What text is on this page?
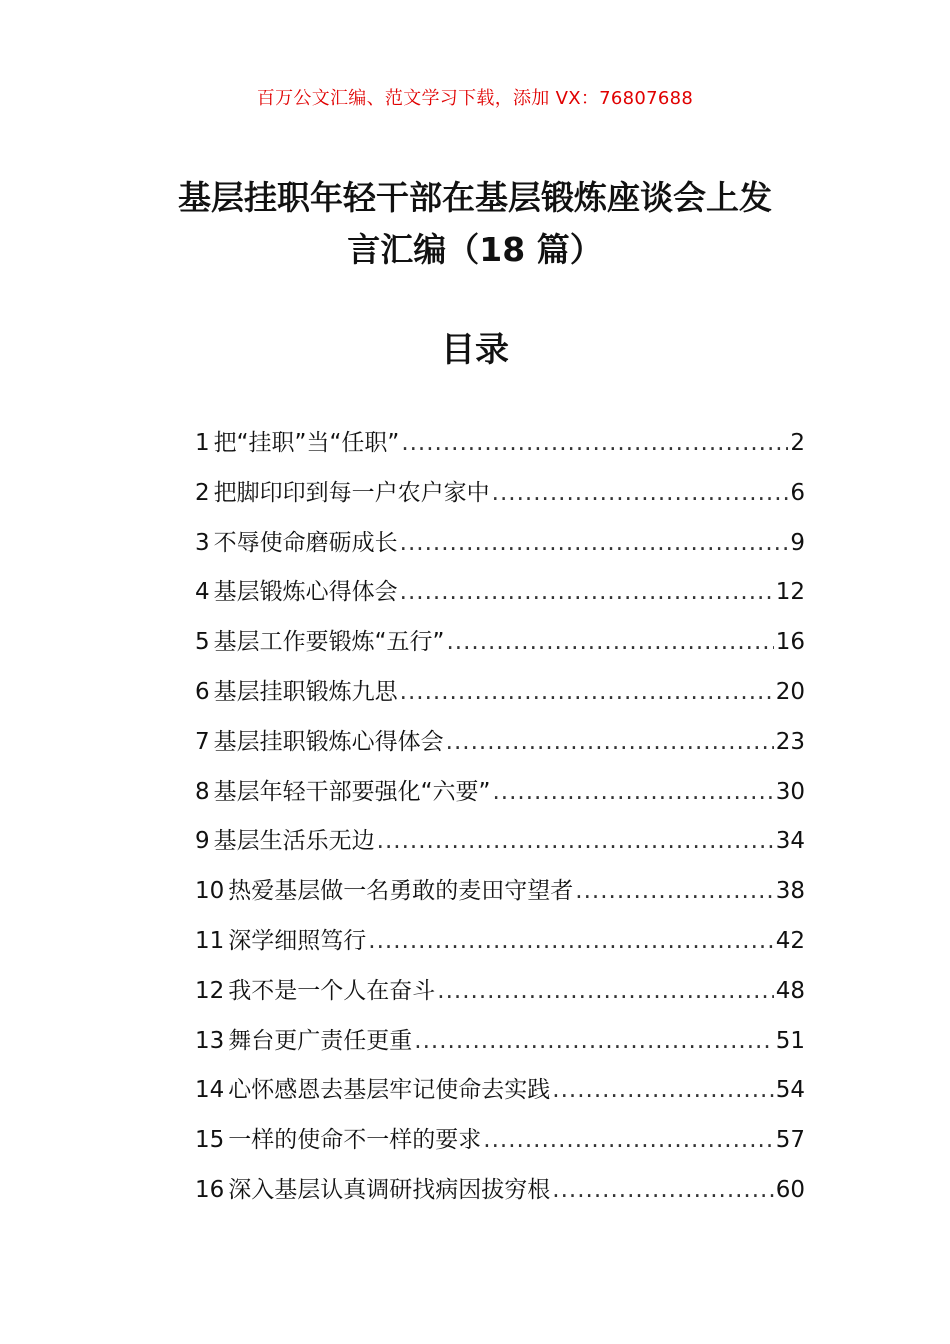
百万公文汇编、范文学习下载，添加 VX：76807688
基层挂职年轻干部在基层锻炼座谈会上发
言汇编（18 篇）
目录
1 把“挂职”当“任职” .....	2
2 把脚印印到每一户农户家中 .....	6
3 不辱使命磨砺成长 .....	9
4 基层锻炼心得体会 .....	12
5 基层工作要锻炼“五行” .....	16
6 基层挂职锻炼九思 .....	20
7 基层挂职锻炼心得体会 .....	23
8 基层年轻干部要强化“六要” .....	30
9 基层生活乐无边 .....	34
10 热爱基层做一名勇敢的麦田守望者 .....	38
11 深学细照笃行 .....	42
12 我不是一个人在奋斗 .....	48
13 舞台更广责任更重 .....	51
14 心怀感恩去基层牢记使命去实践 .....	54
15 一样的使命不一样的要求 .....	57
16 深入基层认真调研找病因拔穷根 .....	60
